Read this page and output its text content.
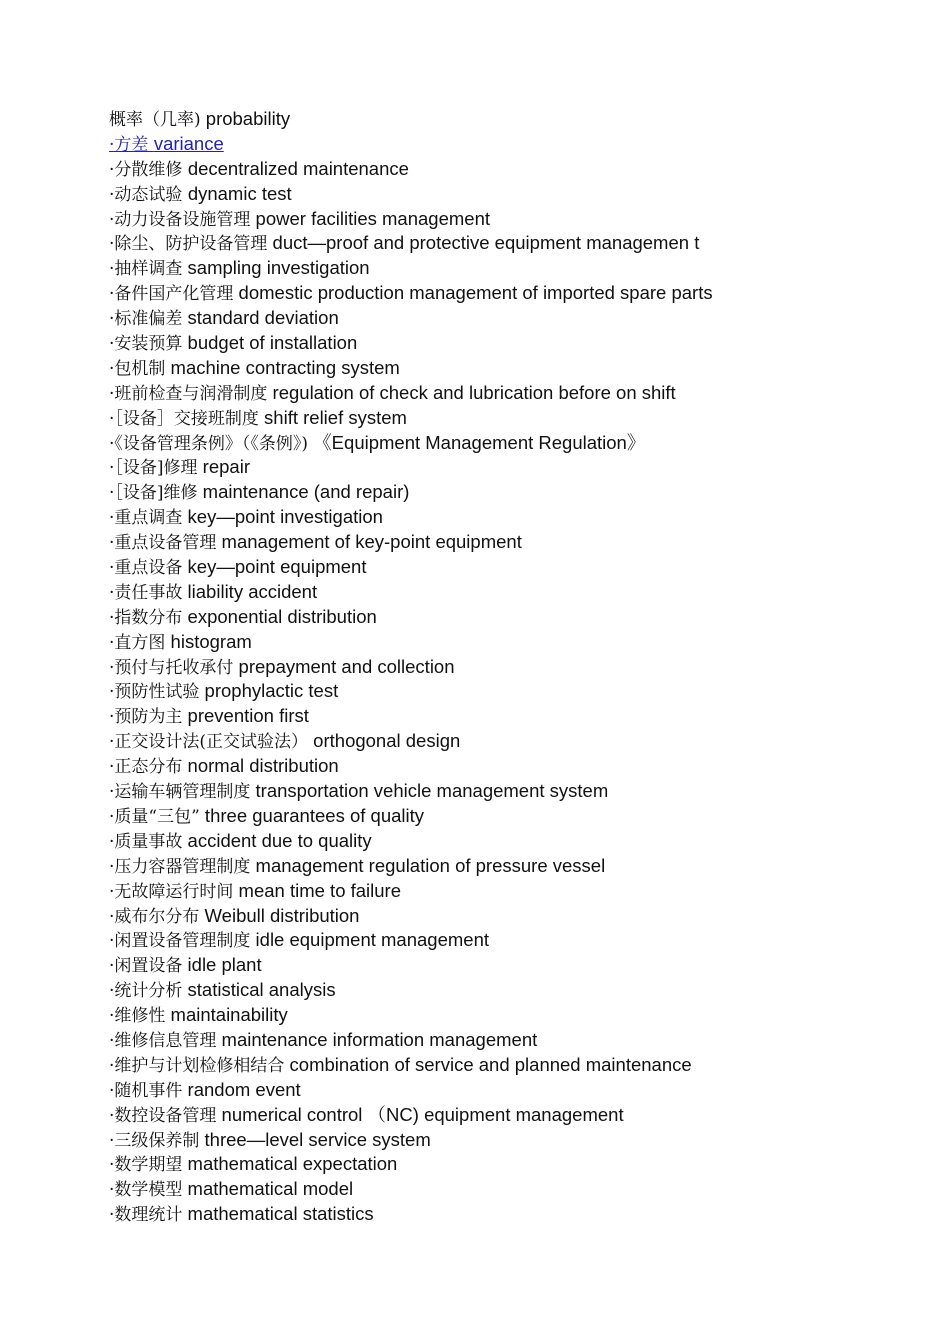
概率（几率) probability
·方差 variance
·分散维修 decentralized maintenance
·动态试验 dynamic test
·动力设备设施管理 power facilities management
·除尘、防护设备管理 duct—proof and protective equipment managemen t
·抽样调查 sampling investigation
·备件国产化管理 domestic production management of imported spare parts
·标准偏差 standard deviation
·安装预算 budget of installation
·包机制 machine contracting system
·班前检查与润滑制度 regulation of check and lubrication before on shift
·［设备］交接班制度 shift relief system
·《设备管理条例》（《条例》) 《Equipment Management Regulation》
·［设备]修理 repair
·［设备]维修 maintenance (and repair)
·重点调查 key—point investigation
·重点设备管理 management of key-point equipment
·重点设备 key—point equipment
·责任事故 liability accident
·指数分布 exponential distribution
·直方图 histogram
·预付与托收承付 prepayment and collection
·预防性试验 prophylactic test
·预防为主 prevention first
·正交设计法(正交试验法） orthogonal design
·正态分布 normal distribution
·运输车辆管理制度 transportation vehicle management system
·质量“三包” three guarantees of quality
·质量事故 accident due to quality
·压力容器管理制度 management regulation of pressure vessel
·无故障运行时间 mean time to failure
·威布尔分布 Weibull distribution
·闲置设备管理制度 idle equipment management
·闲置设备 idle plant
·统计分析 statistical analysis
·维修性 maintainability
·维修信息管理 maintenance information management
·维护与计划检修相结合 combination of service and planned maintenance
·随机事件 random event
·数控设备管理 numerical control （NC) equipment management
·三级保养制 three—level service system
·数学期望 mathematical expectation
·数学模型 mathematical model
·数理统计 mathematical statistics
